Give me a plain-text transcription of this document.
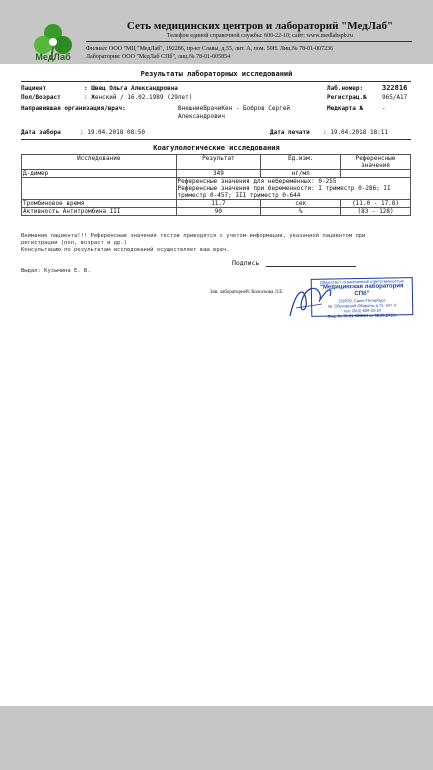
МедЛаб
Сеть медицинских центров и лабораторий "МедЛаб"
Телефон единой справочной службы: 600-22-10; сайт: www.medlabspb.ru
Филиал: ООО "МЦ "МедЛаб", 192286, пр-кт Славы, д.55, лит. А, пом. 50Н. Лиц.№ 78-01-007236
Лаборатория: ООО "МедЛаб СПб", лиц.№ 78-01-005854
Результаты лабораторных исследований
Пациент	: Швец Ольга Александровна	Лаб.номер:	322816
Пол/Возраст	: Женский / 16.02.1989 (29лет)	Регистрац.№	965/А17
Направившая организация/врач:	ВнешниеВрачиКен - Бобров Сергей
Александрович
Медкарта №	-
Дата забора	: 19.04.2018 08:50	Дата печати : 19.04.2018 18:11
Коагулологические исследования
Исследование	Результат	Ед.изм.	Референсные
значения
Д-димер	349	нг/мл	
	Референсные значения для небеременных: 0-255
Референсные значения при беременности: I триместр 0-286; II триместр 0-457; III триместр 0-644		
Тромбиновое время	11.7	сек	(11.0 - 17.8)
Активность Антитромбина III	90	%	(83 - 128)
Внимание пациента!!! Референсные значения тестов приводятся с учетом информации, указанной пациентом при
регистрации (пол, возраст и др.)
Консультацию по результатам исследований осуществляет ваш врач.
Подпись
Выдал: Кузьмина Е. В.
Зав. лабораторией: Колоскова Л.Е.
Общество с ограниченной ответственностью
"Медицинская лаборатория СПб"
192029, Санкт-Петербург,
пр. Обуховской Обороны д.71, лит. А
тел. (812) 600-22-10
Лиц. № 78-01-005854 от 08.06.2015г.
